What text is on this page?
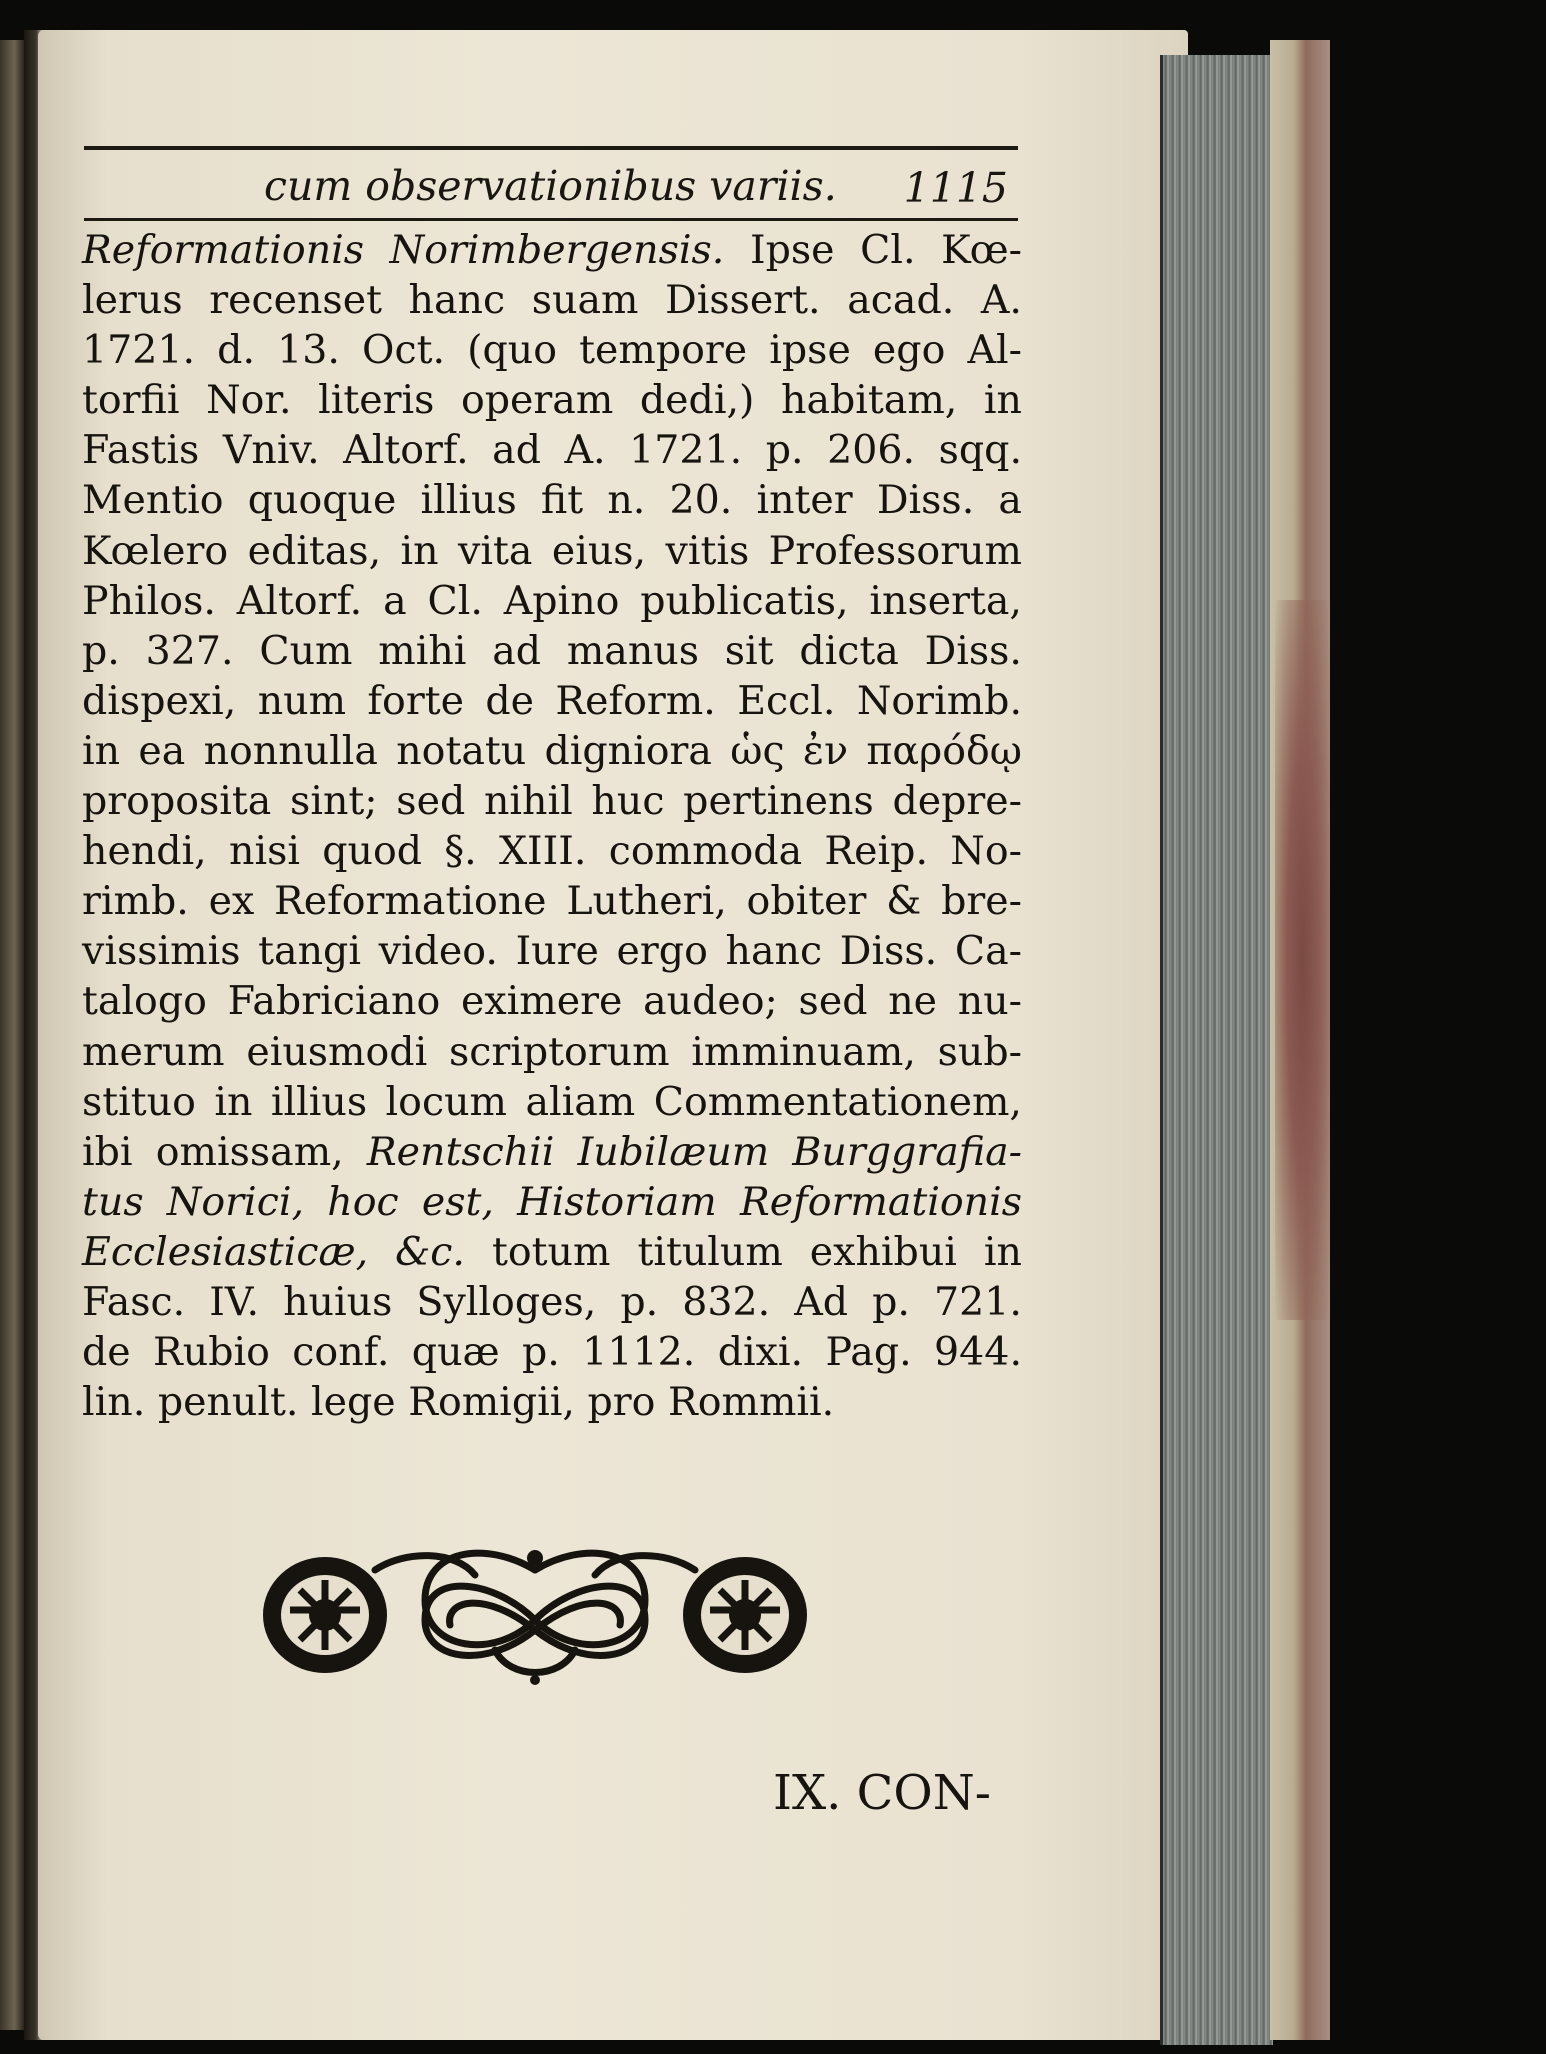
cum observationibus variis. 1115
Reformationis Norimbergensis. Ipse Cl. Kœ-
lerus recenset hanc suam Dissert. acad. A.
1721. d. 13. Oct. (quo tempore ipse ego Al-
torfii Nor. literis operam dedi,) habitam, in
Fastis Vniv. Altorf. ad A. 1721. p. 206. sqq.
Mentio quoque illius fit n. 20. inter Diss. a
Kœlero editas, in vita eius, vitis Professorum
Philos. Altorf. a Cl. Apino publicatis, inserta,
p. 327. Cum mihi ad manus sit dicta Diss.
dispexi, num forte de Reform. Eccl. Norimb.
in ea nonnulla notatu digniora ὡς ἐν παρόδῳ
proposita sint; sed nihil huc pertinens depre-
hendi, nisi quod §. XIII. commoda Reip. No-
rimb. ex Reformatione Lutheri, obiter & bre-
vissimis tangi video. Iure ergo hanc Diss. Ca-
talogo Fabriciano eximere audeo; sed ne nu-
merum eiusmodi scriptorum imminuam, sub-
stituo in illius locum aliam Commentationem,
ibi omissam, Rentschii Iubilæum Burggrafia-
tus Norici, hoc est, Historiam Reformationis
Ecclesiasticæ, &c. totum titulum exhibui in
Fasc. IV. huius Sylloges, p. 832. Ad p. 721.
de Rubio conf. quæ p. 1112. dixi. Pag. 944.
lin. penult. lege Romigii, pro Rommii.
IX. CON-
